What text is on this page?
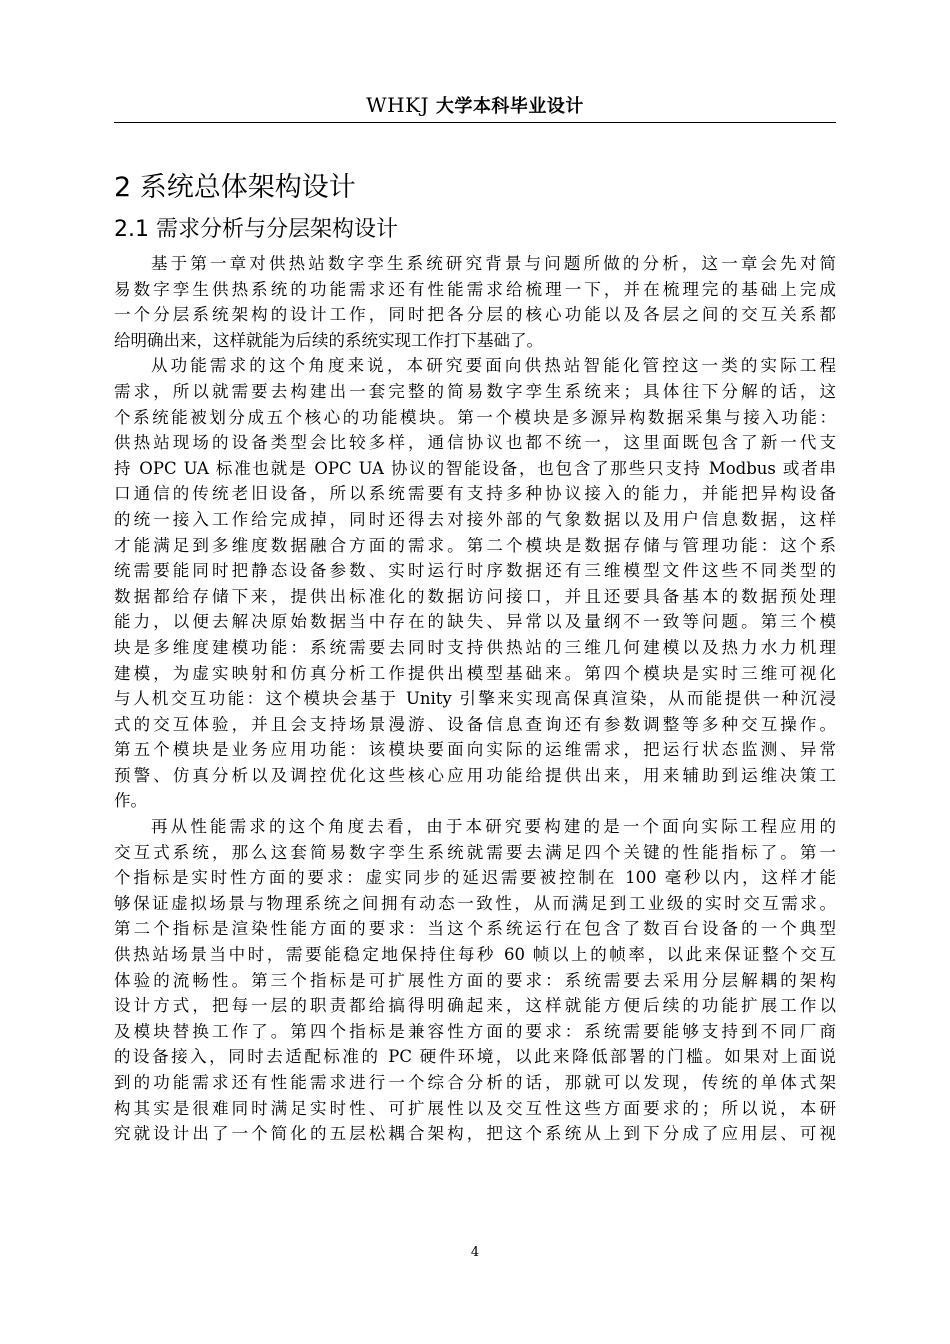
WHKJ 大学本科毕业设计
2 系统总体架构设计
2.1 需求分析与分层架构设计
基于第一章对供热站数字孪生系统研究背景与问题所做的分析，这一章会先对简
易数字孪生供热系统的功能需求还有性能需求给梳理一下，并在梳理完的基础上完成
一个分层系统架构的设计工作，同时把各分层的核心功能以及各层之间的交互关系都
给明确出来，这样就能为后续的系统实现工作打下基础了。
从功能需求的这个角度来说，本研究要面向供热站智能化管控这一类的实际工程
需求，所以就需要去构建出一套完整的简易数字孪生系统来；具体往下分解的话，这
个系统能被划分成五个核心的功能模块。第一个模块是多源异构数据采集与接入功能：
供热站现场的设备类型会比较多样，通信协议也都不统一，这里面既包含了新一代支
持 OPC UA 标准也就是 OPC UA 协议的智能设备，也包含了那些只支持 Modbus 或者串
口通信的传统老旧设备，所以系统需要有支持多种协议接入的能力，并能把异构设备
的统一接入工作给完成掉，同时还得去对接外部的气象数据以及用户信息数据，这样
才能满足到多维度数据融合方面的需求。第二个模块是数据存储与管理功能：这个系
统需要能同时把静态设备参数、实时运行时序数据还有三维模型文件这些不同类型的
数据都给存储下来，提供出标准化的数据访问接口，并且还要具备基本的数据预处理
能力，以便去解决原始数据当中存在的缺失、异常以及量纲不一致等问题。第三个模
块是多维度建模功能：系统需要去同时支持供热站的三维几何建模以及热力水力机理
建模，为虚实映射和仿真分析工作提供出模型基础来。第四个模块是实时三维可视化
与人机交互功能：这个模块会基于 Unity 引擎来实现高保真渲染，从而能提供一种沉浸
式的交互体验，并且会支持场景漫游、设备信息查询还有参数调整等多种交互操作。
第五个模块是业务应用功能：该模块要面向实际的运维需求，把运行状态监测、异常
预警、仿真分析以及调控优化这些核心应用功能给提供出来，用来辅助到运维决策工
作。
再从性能需求的这个角度去看，由于本研究要构建的是一个面向实际工程应用的
交互式系统，那么这套简易数字孪生系统就需要去满足四个关键的性能指标了。第一
个指标是实时性方面的要求：虚实同步的延迟需要被控制在 100 毫秒以内，这样才能
够保证虚拟场景与物理系统之间拥有动态一致性，从而满足到工业级的实时交互需求。
第二个指标是渲染性能方面的要求：当这个系统运行在包含了数百台设备的一个典型
供热站场景当中时，需要能稳定地保持住每秒 60 帧以上的帧率，以此来保证整个交互
体验的流畅性。第三个指标是可扩展性方面的要求：系统需要去采用分层解耦的架构
设计方式，把每一层的职责都给搞得明确起来，这样就能方便后续的功能扩展工作以
及模块替换工作了。第四个指标是兼容性方面的要求：系统需要能够支持到不同厂商
的设备接入，同时去适配标准的 PC 硬件环境，以此来降低部署的门槛。如果对上面说
到的功能需求还有性能需求进行一个综合分析的话，那就可以发现，传统的单体式架
构其实是很难同时满足实时性、可扩展性以及交互性这些方面要求的；所以说，本研
究就设计出了一个简化的五层松耦合架构，把这个系统从上到下分成了应用层、可视
4
